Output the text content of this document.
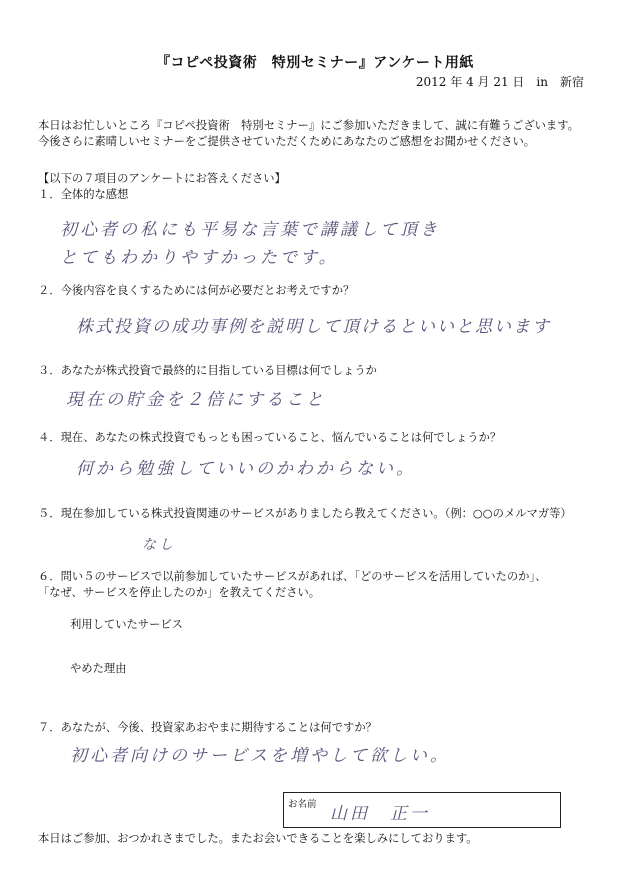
『コピペ投資術　特別セミナー』アンケート用紙
2012 年 4 月 21 日　in　新宿
本日はお忙しいところ『コピペ投資術　特別セミナー』にご参加いただきまして、誠に有難うございます。
今後さらに素晴しいセミナーをご提供させていただくためにあなたのご感想をお聞かせください。
【以下の７項目のアンケートにお答えください】
１．全体的な感想
初心者の私にも平易な言葉で講議して頂き
とてもわかりやすかったです。
２．今後内容を良くするためには何が必要だとお考えですか？
株式投資の成功事例を説明して頂けるといいと思います
３．あなたが株式投資で最終的に目指している目標は何でしょうか
現在の貯金を２倍にすること
４．現在、あなたの株式投資でもっとも困っていること、悩んでいることは何でしょうか？
何から勉強していいのかわからない。
５．現在参加している株式投資関連のサービスがありましたら教えてください。（例：○○のメルマガ等）
なし
６．問い５のサービスで以前参加していたサービスがあれば、「どのサービスを活用していたのか」、
「なぜ、サービスを停止したのか」を教えてください。
利用していたサービス
やめた理由
７．あなたが、今後、投資家あおやまに期待することは何ですか？
初心者向けのサービスを増やして欲しい。
お名前 山田　正一
本日はご参加、おつかれさまでした。またお会いできることを楽しみにしております。
